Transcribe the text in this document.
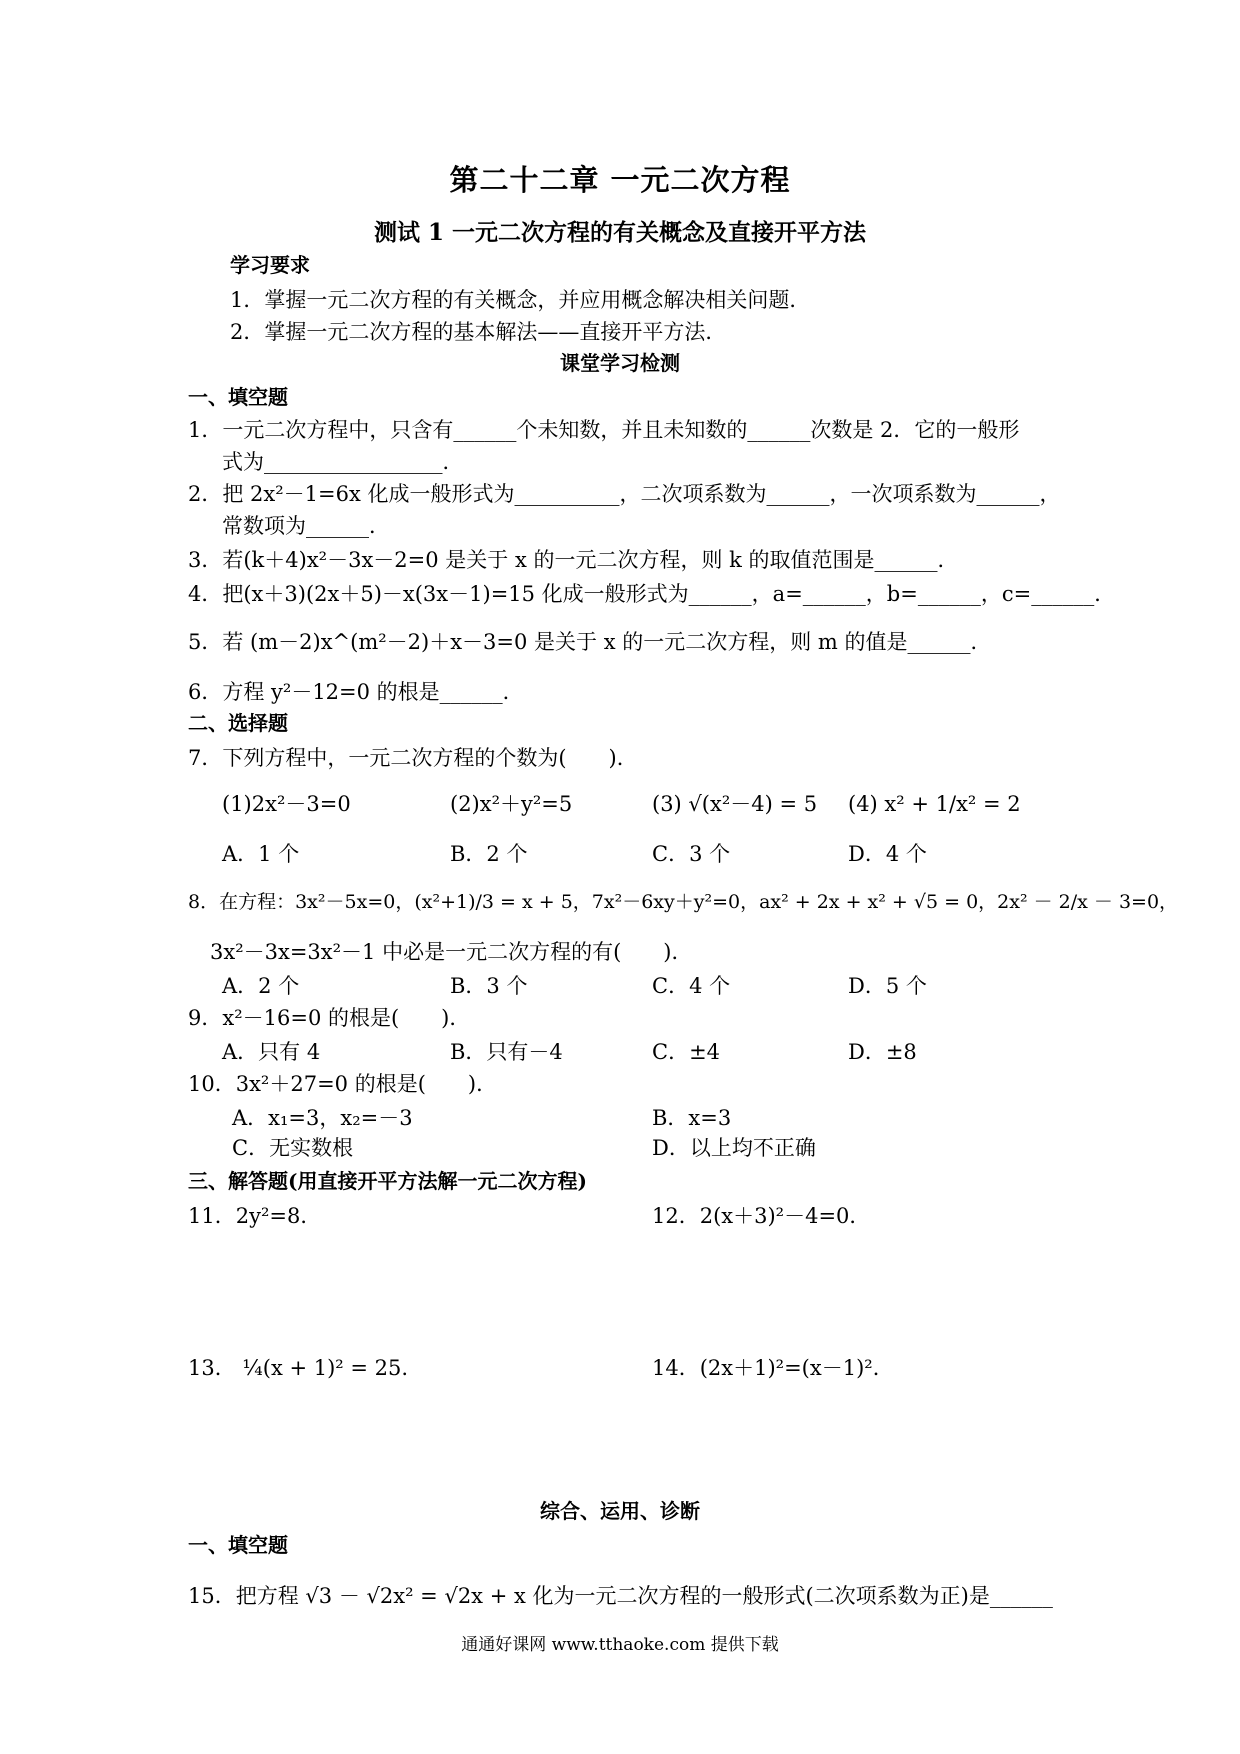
第二十二章 一元二次方程
测试 1 一元二次方程的有关概念及直接开平方法
学习要求
1．掌握一元二次方程的有关概念，并应用概念解决相关问题．
2．掌握一元二次方程的基本解法——直接开平方法．
课堂学习检测
一、填空题
1．一元二次方程中，只含有______个未知数，并且未知数的______次数是 2．它的一般形
式为_________________．
2．把 2x²－1=6x 化成一般形式为__________，二次项系数为______，一次项系数为______，
常数项为______．
3．若(k＋4)x²－3x－2=0 是关于 x 的一元二次方程，则 k 的取值范围是______．
4．把(x＋3)(2x＋5)－x(3x－1)=15 化成一般形式为______，a=______，b=______，c=______．
5．若 (m－2)x^(m²－2)＋x－3=0 是关于 x 的一元二次方程，则 m 的值是______．
6．方程 y²－12=0 的根是______．
二、选择题
7．下列方程中，一元二次方程的个数为(　　)．
(1)2x²－3=0	(2)x²＋y²=5	(3) √(x²－4) = 5 (4) x² + 1/x² = 2
A．1 个	B．2 个	C．3 个	D．4 个
8．在方程：3x²－5x=0，(x²+1)/3 = x + 5，7x²－6xy＋y²=0，ax² + 2x + x² + √5 = 0，2x² － 2/x － 3=0，
3x²－3x=3x²－1 中必是一元二次方程的有(　　)．
A．2 个	B．3 个	C．4 个	D．5 个
9．x²－16=0 的根是(　　)．
A．只有 4	B．只有－4	C．±4	D．±8
10．3x²＋27=0 的根是(　　)．
A．x₁=3，x₂=－3	B．x=3
C．无实数根	D．以上均不正确
三、解答题(用直接开平方法解一元二次方程)
11．2y²=8．	12．2(x＋3)²－4=0．
13． ¼(x + 1)² = 25.	14．(2x＋1)²=(x－1)²．
综合、运用、诊断
一、填空题
15．把方程 √3 － √2x² = √2x + x 化为一元二次方程的一般形式(二次项系数为正)是______
通通好课网 www.tthaoke.com 提供下载
